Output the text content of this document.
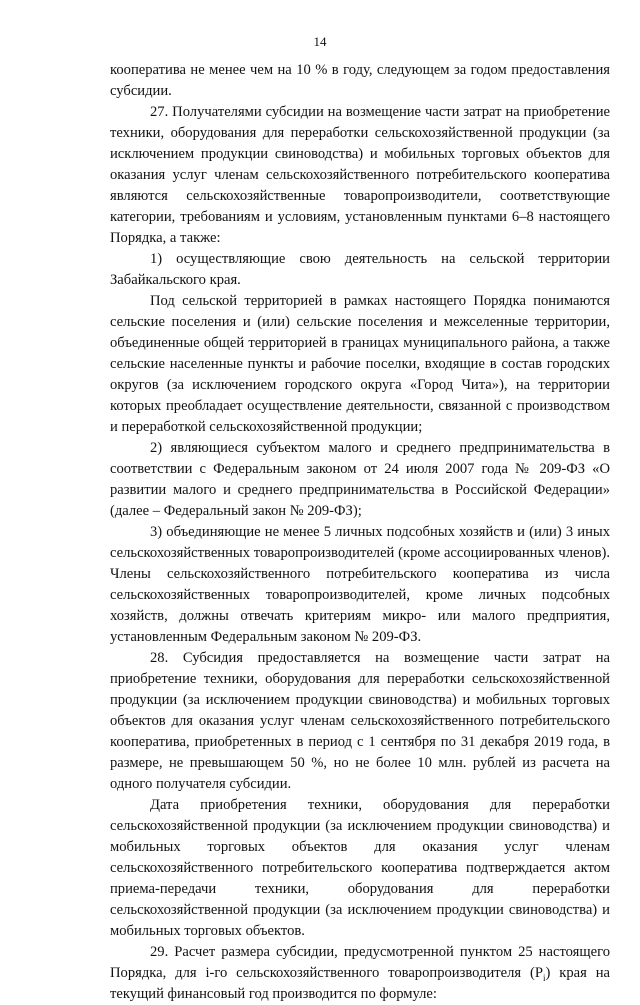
14

кооператива не менее чем на 10 % в году, следующем за годом предоставления субсидии.

27. Получателями субсидии на возмещение части затрат на приобретение техники, оборудования для переработки сельскохозяйственной продукции (за исключением продукции свиноводства) и мобильных торговых объектов для оказания услуг членам сельскохозяйственного потребительского кооператива являются сельскохозяйственные товаропроизводители, соответствующие категории, требованиям и условиям, установленным пунктами 6–8 настоящего Порядка, а также:

1) осуществляющие свою деятельность на сельской территории Забайкальского края.

Под сельской территорией в рамках настоящего Порядка понимаются сельские поселения и (или) сельские поселения и межселенные территории, объединенные общей территорией в границах муниципального района, а также сельские населенные пункты и рабочие поселки, входящие в состав городских округов (за исключением городского округа «Город Чита»), на территории которых преобладает осуществление деятельности, связанной с производством и переработкой сельскохозяйственной продукции;

2) являющиеся субъектом малого и среднего предпринимательства в соответствии с Федеральным законом от 24 июля 2007 года № 209-ФЗ «О развитии малого и среднего предпринимательства в Российской Федерации» (далее – Федеральный закон № 209-ФЗ);

3) объединяющие не менее 5 личных подсобных хозяйств и (или) 3 иных сельскохозяйственных товаропроизводителей (кроме ассоциированных членов). Члены сельскохозяйственного потребительского кооператива из числа сельскохозяйственных товаропроизводителей, кроме личных подсобных хозяйств, должны отвечать критериям микро- или малого предприятия, установленным Федеральным законом № 209-ФЗ.

28. Субсидия предоставляется на возмещение части затрат на приобретение техники, оборудования для переработки сельскохозяйственной продукции (за исключением продукции свиноводства) и мобильных торговых объектов для оказания услуг членам сельскохозяйственного потребительского кооператива, приобретенных в период с 1 сентября по 31 декабря 2019 года, в размере, не превышающем 50 %, но не более 10 млн. рублей из расчета на одного получателя субсидии.

Дата приобретения техники, оборудования для переработки сельскохозяйственной продукции (за исключением продукции свиноводства) и мобильных торговых объектов для оказания услуг членам сельскохозяйственного потребительского кооператива подтверждается актом приема-передачи техники, оборудования для переработки сельскохозяйственной продукции (за исключением продукции свиноводства) и мобильных торговых объектов.

29. Расчет размера субсидии, предусмотренной пунктом 25 настоящего Порядка, для i-го сельскохозяйственного товаропроизводителя $(P_i)$ края на текущий финансовый год производится по формуле:
